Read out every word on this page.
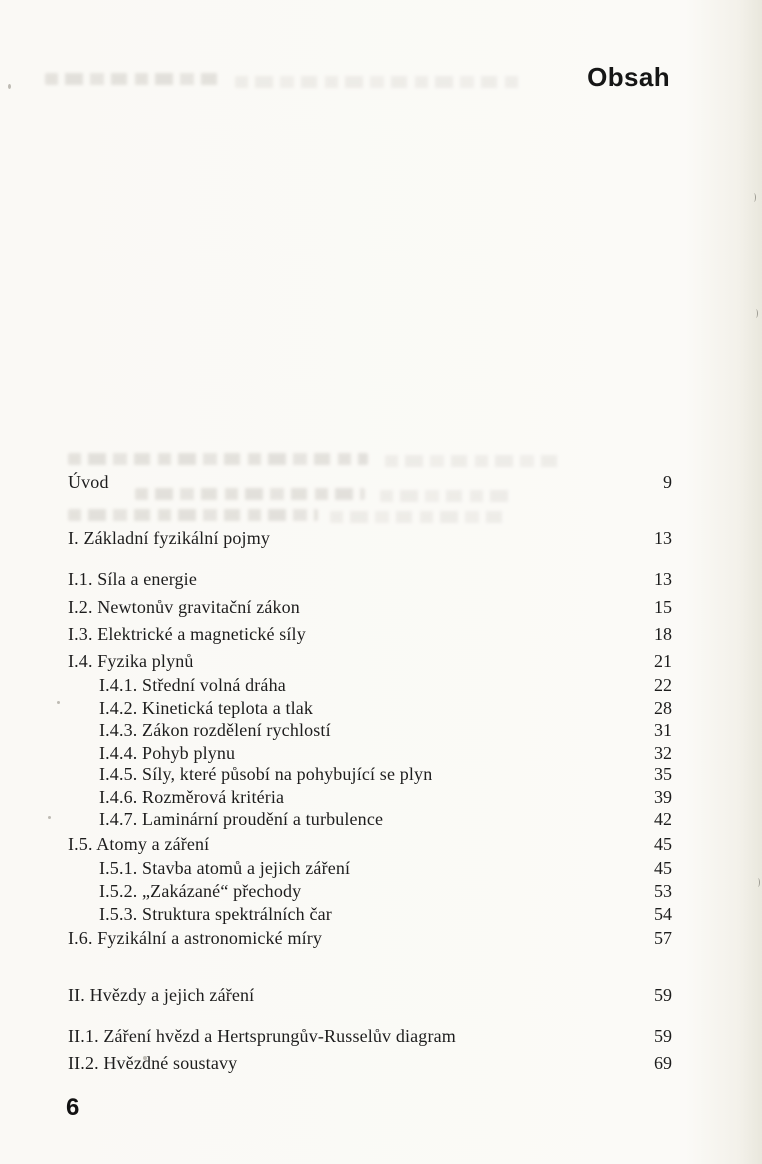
Obsah
Úvod	9
I. Základní fyzikální pojmy	13
I.1. Síla a energie	13
I.2. Newtonův gravitační zákon	15
I.3. Elektrické a magnetické síly	18
I.4. Fyzika plynů	21
I.4.1. Střední volná dráha	22
I.4.2. Kinetická teplota a tlak	28
I.4.3. Zákon rozdělení rychlostí	31
I.4.4. Pohyb plynu	32
I.4.5. Síly, které působí na pohybující se plyn	35
I.4.6. Rozměrová kritéria	39
I.4.7. Laminární proudění a turbulence	42
I.5. Atomy a záření	45
I.5.1. Stavba atomů a jejich záření	45
I.5.2. „Zakázané“ přechody	53
I.5.3. Struktura spektrálních čar	54
I.6. Fyzikální a astronomické míry	57
II. Hvězdy a jejich záření	59
II.1. Záření hvězd a Hertsprungův-Russelův diagram	59
II.2. Hvězdné soustavy	69
6
